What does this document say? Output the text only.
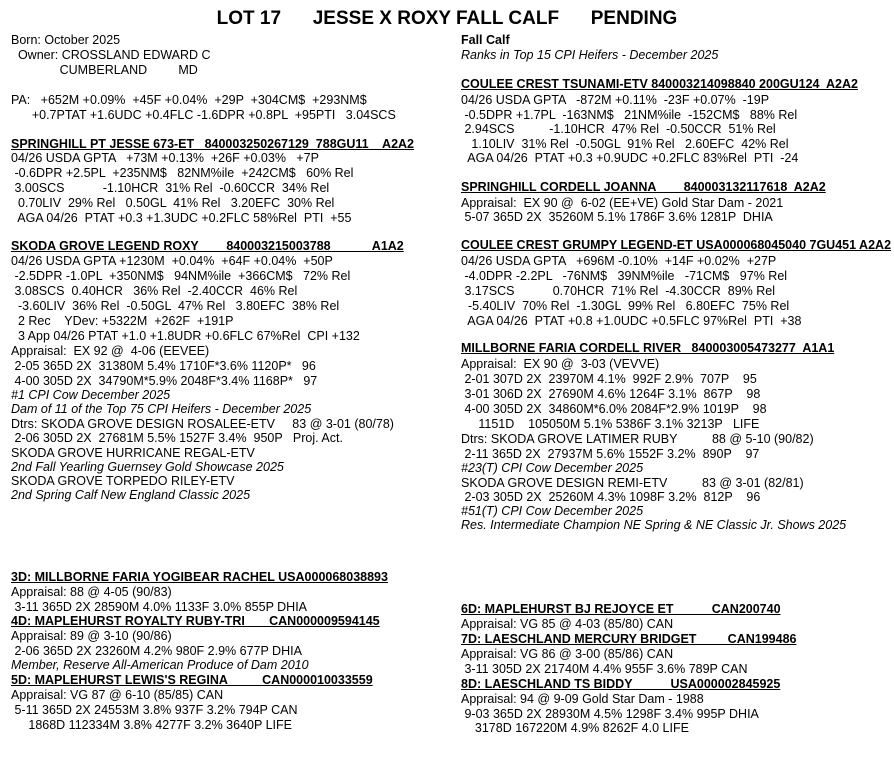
LOT 17      JESSE X ROXY FALL CALF      PENDING
Born: October 2025
Owner: CROSSLAND EDWARD C
CUMBERLAND         MD
PA:   +652M +0.09%  +45F +0.04%  +29P  +304CM$  +293NM$
+0.7PTAT +1.6UDC +0.4FLC -1.6DPR +0.8PL  +95PTI   3.04SCS
SPRINGHILL PT JESSE 673-ET   840003250267129  788GU11    A2A2
04/26 USDA GPTA   +73M +0.13%  +26F +0.03%   +7P
-0.6DPR +2.5PL  +235NM$   82NM%ile  +242CM$   60% Rel
3.00SCS           -1.10HCR  31% Rel  -0.60CCR  34% Rel
0.70LIV  29% Rel   0.50GL  41% Rel   3.20EFC  30% Rel
AGA 04/26  PTAT +0.3 +1.3UDC +0.2FLC 58%Rel  PTI  +55
SKODA GROVE LEGEND ROXY        840003215003788            A1A2
04/26 USDA GPTA +1230M  +0.04%  +64F +0.04%  +50P
-2.5DPR -1.0PL  +350NM$   94NM%ile  +366CM$   72% Rel
3.08SCS  0.40HCR   36% Rel  -2.40CCR  46% Rel
-3.60LIV  36% Rel  -0.50GL  47% Rel   3.80EFC  38% Rel
2 Rec    YDev: +5322M  +262F  +191P
3 App 04/26 PTAT +1.0 +1.8UDR +0.6FLC 67%Rel  CPI +132
Appraisal:  EX 92 @  4-06 (EEVEE)
2-05 365D 2X  31380M 5.4% 1710F*3.6% 1120P*   96
4-00 305D 2X  34790M*5.9% 2048F*3.4% 1168P*   97
#1 CPI Cow December 2025
Dam of 11 of the Top 75 CPI Heifers - December 2025
Dtrs: SKODA GROVE DESIGN ROSALEE-ETV     83 @ 3-01 (80/78)
2-06 305D 2X  27681M 5.5% 1527F 3.4%  950P   Proj. Act.
SKODA GROVE HURRICANE REGAL-ETV
2nd Fall Yearling Guernsey Gold Showcase 2025
SKODA GROVE TORPEDO RILEY-ETV
2nd Spring Calf New England Classic 2025
3D: MILLBORNE FARIA YOGIBEAR RACHEL USA000068038893
Appraisal: 88 @ 4-05 (90/83)
3-11 365D 2X 28590M 4.0% 1133F 3.0% 855P DHIA
4D: MAPLEHURST ROYALTY RUBY-TRI       CAN000009594145
Appraisal: 89 @ 3-10 (90/86)
2-06 365D 2X 23260M 4.2% 980F 2.9% 677P DHIA
Member, Reserve All-American Produce of Dam 2010
5D: MAPLEHURST LEWIS'S REGINA          CAN000010033559
Appraisal: VG 87 @ 6-10 (85/85) CAN
5-11 365D 2X 24553M 3.8% 937F 3.2% 794P CAN
1868D 112334M 3.8% 4277F 3.2% 3640P LIFE
Fall Calf
Ranks in Top 15 CPI Heifers - December 2025
COULEE CREST TSUNAMI-ETV 840003214098840 200GU124  A2A2
04/26 USDA GPTA   -872M +0.11%  -23F +0.07%  -19P
-0.5DPR +1.7PL  -163NM$   21NM%ile  -152CM$   88% Rel
2.94SCS          -1.10HCR  47% Rel  -0.50CCR  51% Rel
1.10LIV  31% Rel  -0.50GL  91% Rel   2.60EFC  42% Rel
AGA 04/26  PTAT +0.3 +0.9UDC +0.2FLC 83%Rel  PTI  -24
SPRINGHILL CORDELL JOANNA        840003132117618  A2A2
Appraisal:  EX 90 @  6-02 (EE+VE) Gold Star Dam - 2021
5-07 365D 2X  35260M 5.1% 1786F 3.6% 1281P  DHIA
COULEE CREST GRUMPY LEGEND-ET USA000068045040 7GU451 A2A2
04/26 USDA GPTA   +696M -0.10%  +14F +0.02%  +27P
-4.0DPR -2.2PL   -76NM$   39NM%ile   -71CM$   97% Rel
3.17SCS           0.70HCR  71% Rel  -4.30CCR  89% Rel
-5.40LIV  70% Rel  -1.30GL  99% Rel   6.80EFC  75% Rel
AGA 04/26  PTAT +0.8 +1.0UDC +0.5FLC 97%Rel  PTI  +38
MILLBORNE FARIA CORDELL RIVER   840003005473277  A1A1
Appraisal:  EX 90 @  3-03 (VEVVE)
2-01 307D 2X  23970M 4.1%  992F 2.9%  707P    95
3-01 306D 2X  27690M 4.6% 1264F 3.1%  867P    98
4-00 305D 2X  34860M*6.0% 2084F*2.9% 1019P    98
1151D    105050M 5.1% 5386F 3.1% 3213P   LIFE
Dtrs: SKODA GROVE LATIMER RUBY          88 @ 5-10 (90/82)
2-11 365D 2X  27937M 5.6% 1552F 3.2%  890P    97
#23(T) CPI Cow December 2025
SKODA GROVE DESIGN REMI-ETV          83 @ 3-01 (82/81)
2-03 305D 2X  25260M 4.3% 1098F 3.2%  812P    96
#51(T) CPI Cow December 2025
Res. Intermediate Champion NE Spring & NE Classic Jr. Shows 2025
6D: MAPLEHURST BJ REJOYCE ET           CAN200740
Appraisal: VG 85 @ 4-03 (85/80) CAN
7D: LAESCHLAND MERCURY BRIDGET         CAN199486
Appraisal: VG 86 @ 3-00 (85/86) CAN
3-11 305D 2X 21740M 4.4% 955F 3.6% 789P CAN
8D: LAESCHLAND TS BIDDY           USA000002845925
Appraisal: 94 @ 9-09 Gold Star Dam - 1988
9-03 365D 2X 28930M 4.5% 1298F 3.4% 995P DHIA
3178D 167220M 4.9% 8262F 4.0 LIFE
